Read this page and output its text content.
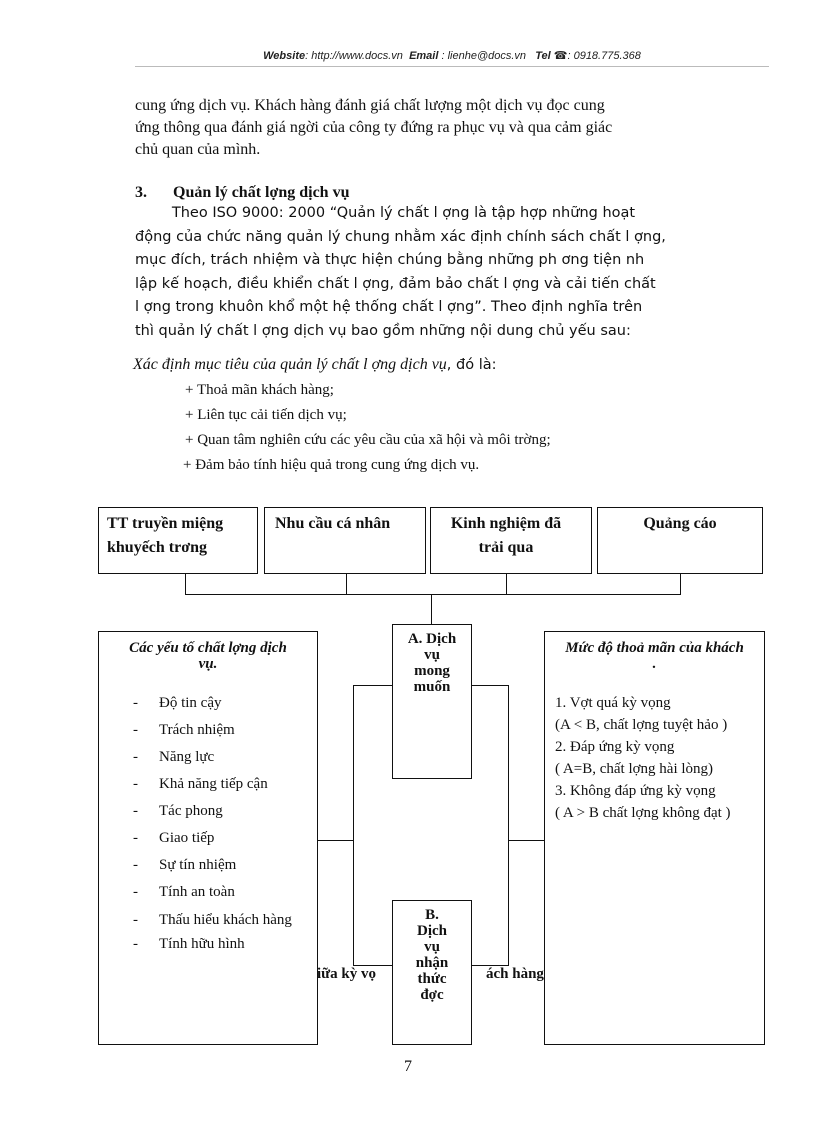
Website: http://www.docs.vn Email : lienhe@docs.vn Tel ☎: 0918.775.368
cung ứng dịch vụ. Khách hàng đánh giá chất lượng một dịch vụ đọc cung
ứng thông qua đánh giá ngời của công ty đứng ra phục vụ và qua cảm giác
chủ quan của mình.
3. Quản lý chất lợng dịch vụ
Theo ISO 9000: 2000 “Quản lý chất l ợng là tập hợp những hoạt
động của chức năng quản lý chung nhằm xác định chính sách chất l ợng,
mục đích, trách nhiệm và thực hiện chúng bằng những ph ơng tiện nh
lập kế hoạch, điều khiển chất l ợng, đảm bảo chất l ợng và cải tiến chất
l ợng trong khuôn khổ một hệ thống chất l ợng”. Theo định nghĩa trên
thì quản lý chất l ợng dịch vụ bao gồm những nội dung chủ yếu sau:
Xác định mục tiêu của quản lý chất l ợng dịch vụ, đó là:
+ Thoả mãn khách hàng;
+ Liên tục cải tiến dịch vụ;
+ Quan tâm nghiên cứu các yêu cầu của xã hội và môi trờng;
+ Đảm bảo tính hiệu quả trong cung ứng dịch vụ.
TT truyền miệng khuyếch trơng
Nhu cầu cá nhân	Kinh nghiệm đã trải qua
Quảng cáo
Các yếu tố chất lợng dịch vụ.
- Độ tin cậy
- Trách nhiệm
- Năng lực
- Khả năng tiếp cận
- Tác phong
- Giao tiếp
- Sự tín nhiệm
- Tính an toàn
- Thấu hiểu khách hàng
- Tính hữu hình
iữa kỳ vọ	ách hàng
A. Dịch vụ mong muốn
B. Dịch vụ nhận thức đợc
Mức độ thoả mãn của khách .
1. Vợt quá kỳ vọng
(A < B, chất lợng tuyệt hảo )
2. Đáp ứng kỳ vọng
( A=B, chất lợng hài lòng)
3. Không đáp ứng kỳ vọng
( A > B chất lợng không đạt )
7
